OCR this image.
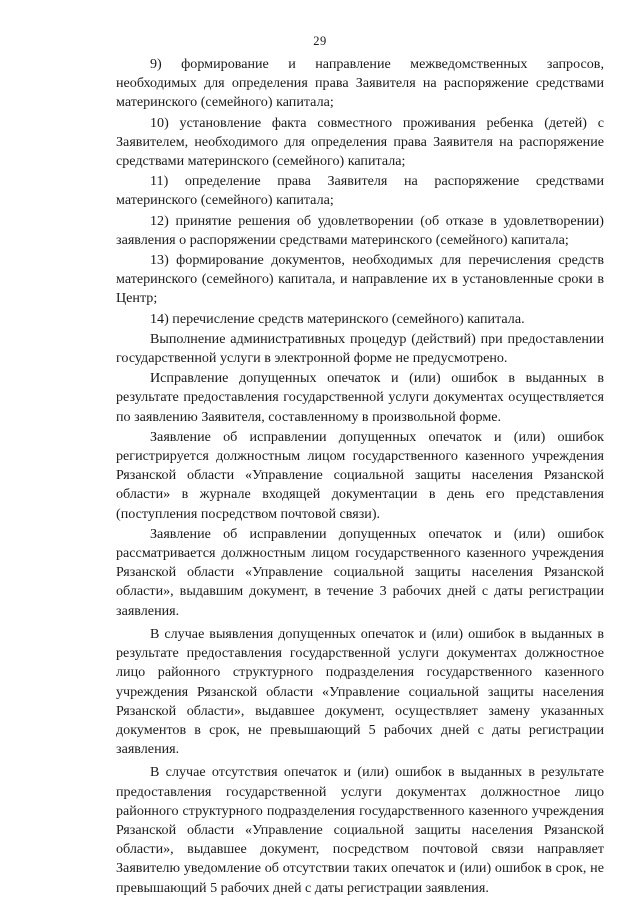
29

9) формирование и направление межведомственных запросов, необходимых для определения права Заявителя на распоряжение средствами материнского (семейного) капитала;

10) установление факта совместного проживания ребенка (детей) с Заявителем, необходимого для определения права Заявителя на распоряжение средствами материнского (семейного) капитала;

11) определение права Заявителя на распоряжение средствами материнского (семейного) капитала;

12) принятие решения об удовлетворении (об отказе в удовлетворении) заявления о распоряжении средствами материнского (семейного) капитала;

13) формирование документов, необходимых для перечисления средств материнского (семейного) капитала, и направление их в установленные сроки в Центр;

14) перечисление средств материнского (семейного) капитала.

Выполнение административных процедур (действий) при предоставлении государственной услуги в электронной форме не предусмотрено.

Исправление допущенных опечаток и (или) ошибок в выданных в результате предоставления государственной услуги документах осуществляется по заявлению Заявителя, составленному в произвольной форме.

Заявление об исправлении допущенных опечаток и (или) ошибок регистрируется должностным лицом государственного казенного учреждения Рязанской области «Управление социальной защиты населения Рязанской области» в журнале входящей документации в день его представления (поступления посредством почтовой связи).

Заявление об исправлении допущенных опечаток и (или) ошибок рассматривается должностным лицом государственного казенного учреждения Рязанской области «Управление социальной защиты населения Рязанской области», выдавшим документ, в течение 3 рабочих дней с даты регистрации заявления.

В случае выявления допущенных опечаток и (или) ошибок в выданных в результате предоставления государственной услуги документах должностное лицо районного структурного подразделения государственного казенного учреждения Рязанской области «Управление социальной защиты населения Рязанской области», выдавшее документ, осуществляет замену указанных документов в срок, не превышающий 5 рабочих дней с даты регистрации заявления.

В случае отсутствия опечаток и (или) ошибок в выданных в результате предоставления государственной услуги документах должностное лицо районного структурного подразделения государственного казенного учреждения Рязанской области «Управление социальной защиты населения Рязанской области», выдавшее документ, посредством почтовой связи направляет Заявителю уведомление об отсутствии таких опечаток и (или) ошибок в срок, не превышающий 5 рабочих дней с даты регистрации заявления.
